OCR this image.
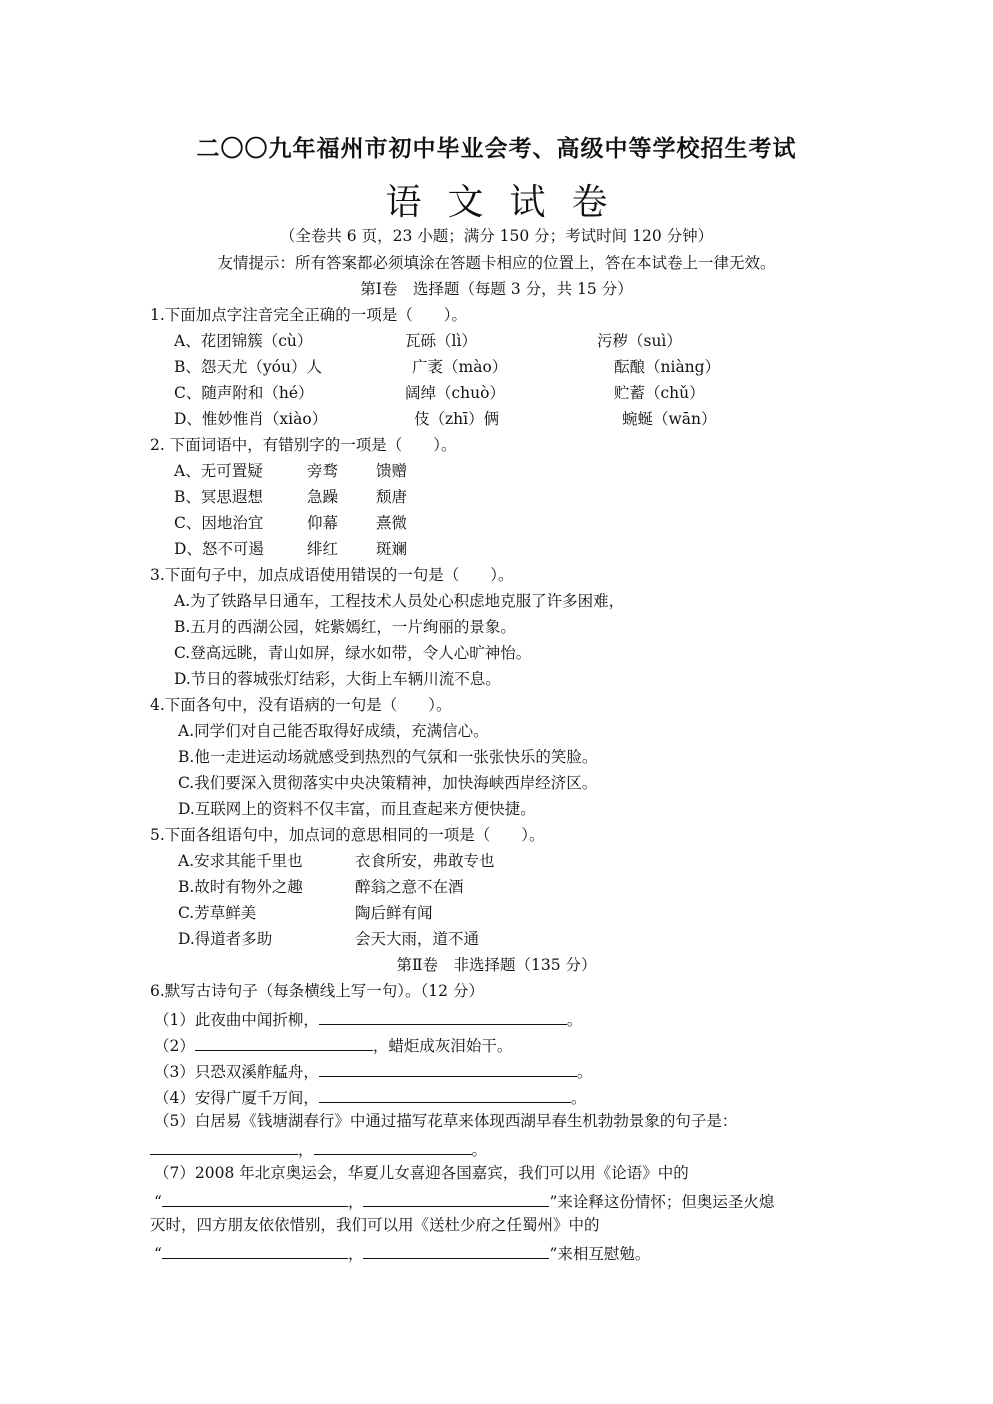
二〇〇九年福州市初中毕业会考、高级中等学校招生考试
语文试卷
（全卷共 6 页，23 小题；满分 150 分；考试时间 120 分钟）
友情提示：所有答案都必须填涂在答题卡相应的位置上，答在本试卷上一律无效。
第Ⅰ卷　选择题（每题 3 分，共 15 分）
1.下面加点字注音完全正确的一项是（　　）。
A、花团锦簇（cù）	瓦砾（lì）	污秽（suì）
B、怨天尤（yóu）人	广袤（mào）	酝酿（niàng）
C、随声附和（hé）	阔绰（chuò）	贮蓄（chǔ）
D、惟妙惟肖（xiào）	伎（zhī）俩	蜿蜒（wān）
2. 下面词语中，有错别字的一项是（　　）。
A、无可置疑	旁骛 馈赠
B、冥思遐想	急躁 颓唐
C、因地治宜	仰幕 熹微
D、怒不可遏	绯红 斑斓
3.下面句子中，加点成语使用错误的一句是（　　）。
A.为了铁路早日通车，工程技术人员处心积虑地克服了许多困难，
B.五月的西湖公园，姹紫嫣红，一片绚丽的景象。
C.登高远眺，青山如屏，绿水如带，令人心旷神怡。
D.节日的蓉城张灯结彩，大街上车辆川流不息。
4.下面各句中，没有语病的一句是（　　）。
A.同学们对自己能否取得好成绩，充满信心。
B.他一走进运动场就感受到热烈的气氛和一张张快乐的笑脸。
C.我们要深入贯彻落实中央决策精神，加快海峡西岸经济区。
D.互联网上的资料不仅丰富，而且查起来方便快捷。
5.下面各组语句中，加点词的意思相同的一项是（　　）。
A.安求其能千里也	衣食所安，弗敢专也
B.故时有物外之趣	醉翁之意不在酒
C.芳草鲜美	陶后鲜有闻
D.得道者多助	会天大雨，道不通
第Ⅱ卷　非选择题（135 分）
6.默写古诗句子（每条横线上写一句）。（12 分）
（1）此夜曲中闻折柳，	。
（2）	，蜡炬成灰泪始干。
（3）只恐双溪舴艋舟，	。
（4）安得广厦千万间，	。
（5）白居易《钱塘湖春行》中通过描写花草来体现西湖早春生机勃勃景象的句子是：
，	。
（7）2008 年北京奥运会，华夏儿女喜迎各国嘉宾，我们可以用《论语》中的
“	，	”来诠释这份情怀；但奥运圣火熄
灭时，四方朋友依依惜别，我们可以用《送杜少府之任蜀州》中的
“	，	”来相互慰勉。
